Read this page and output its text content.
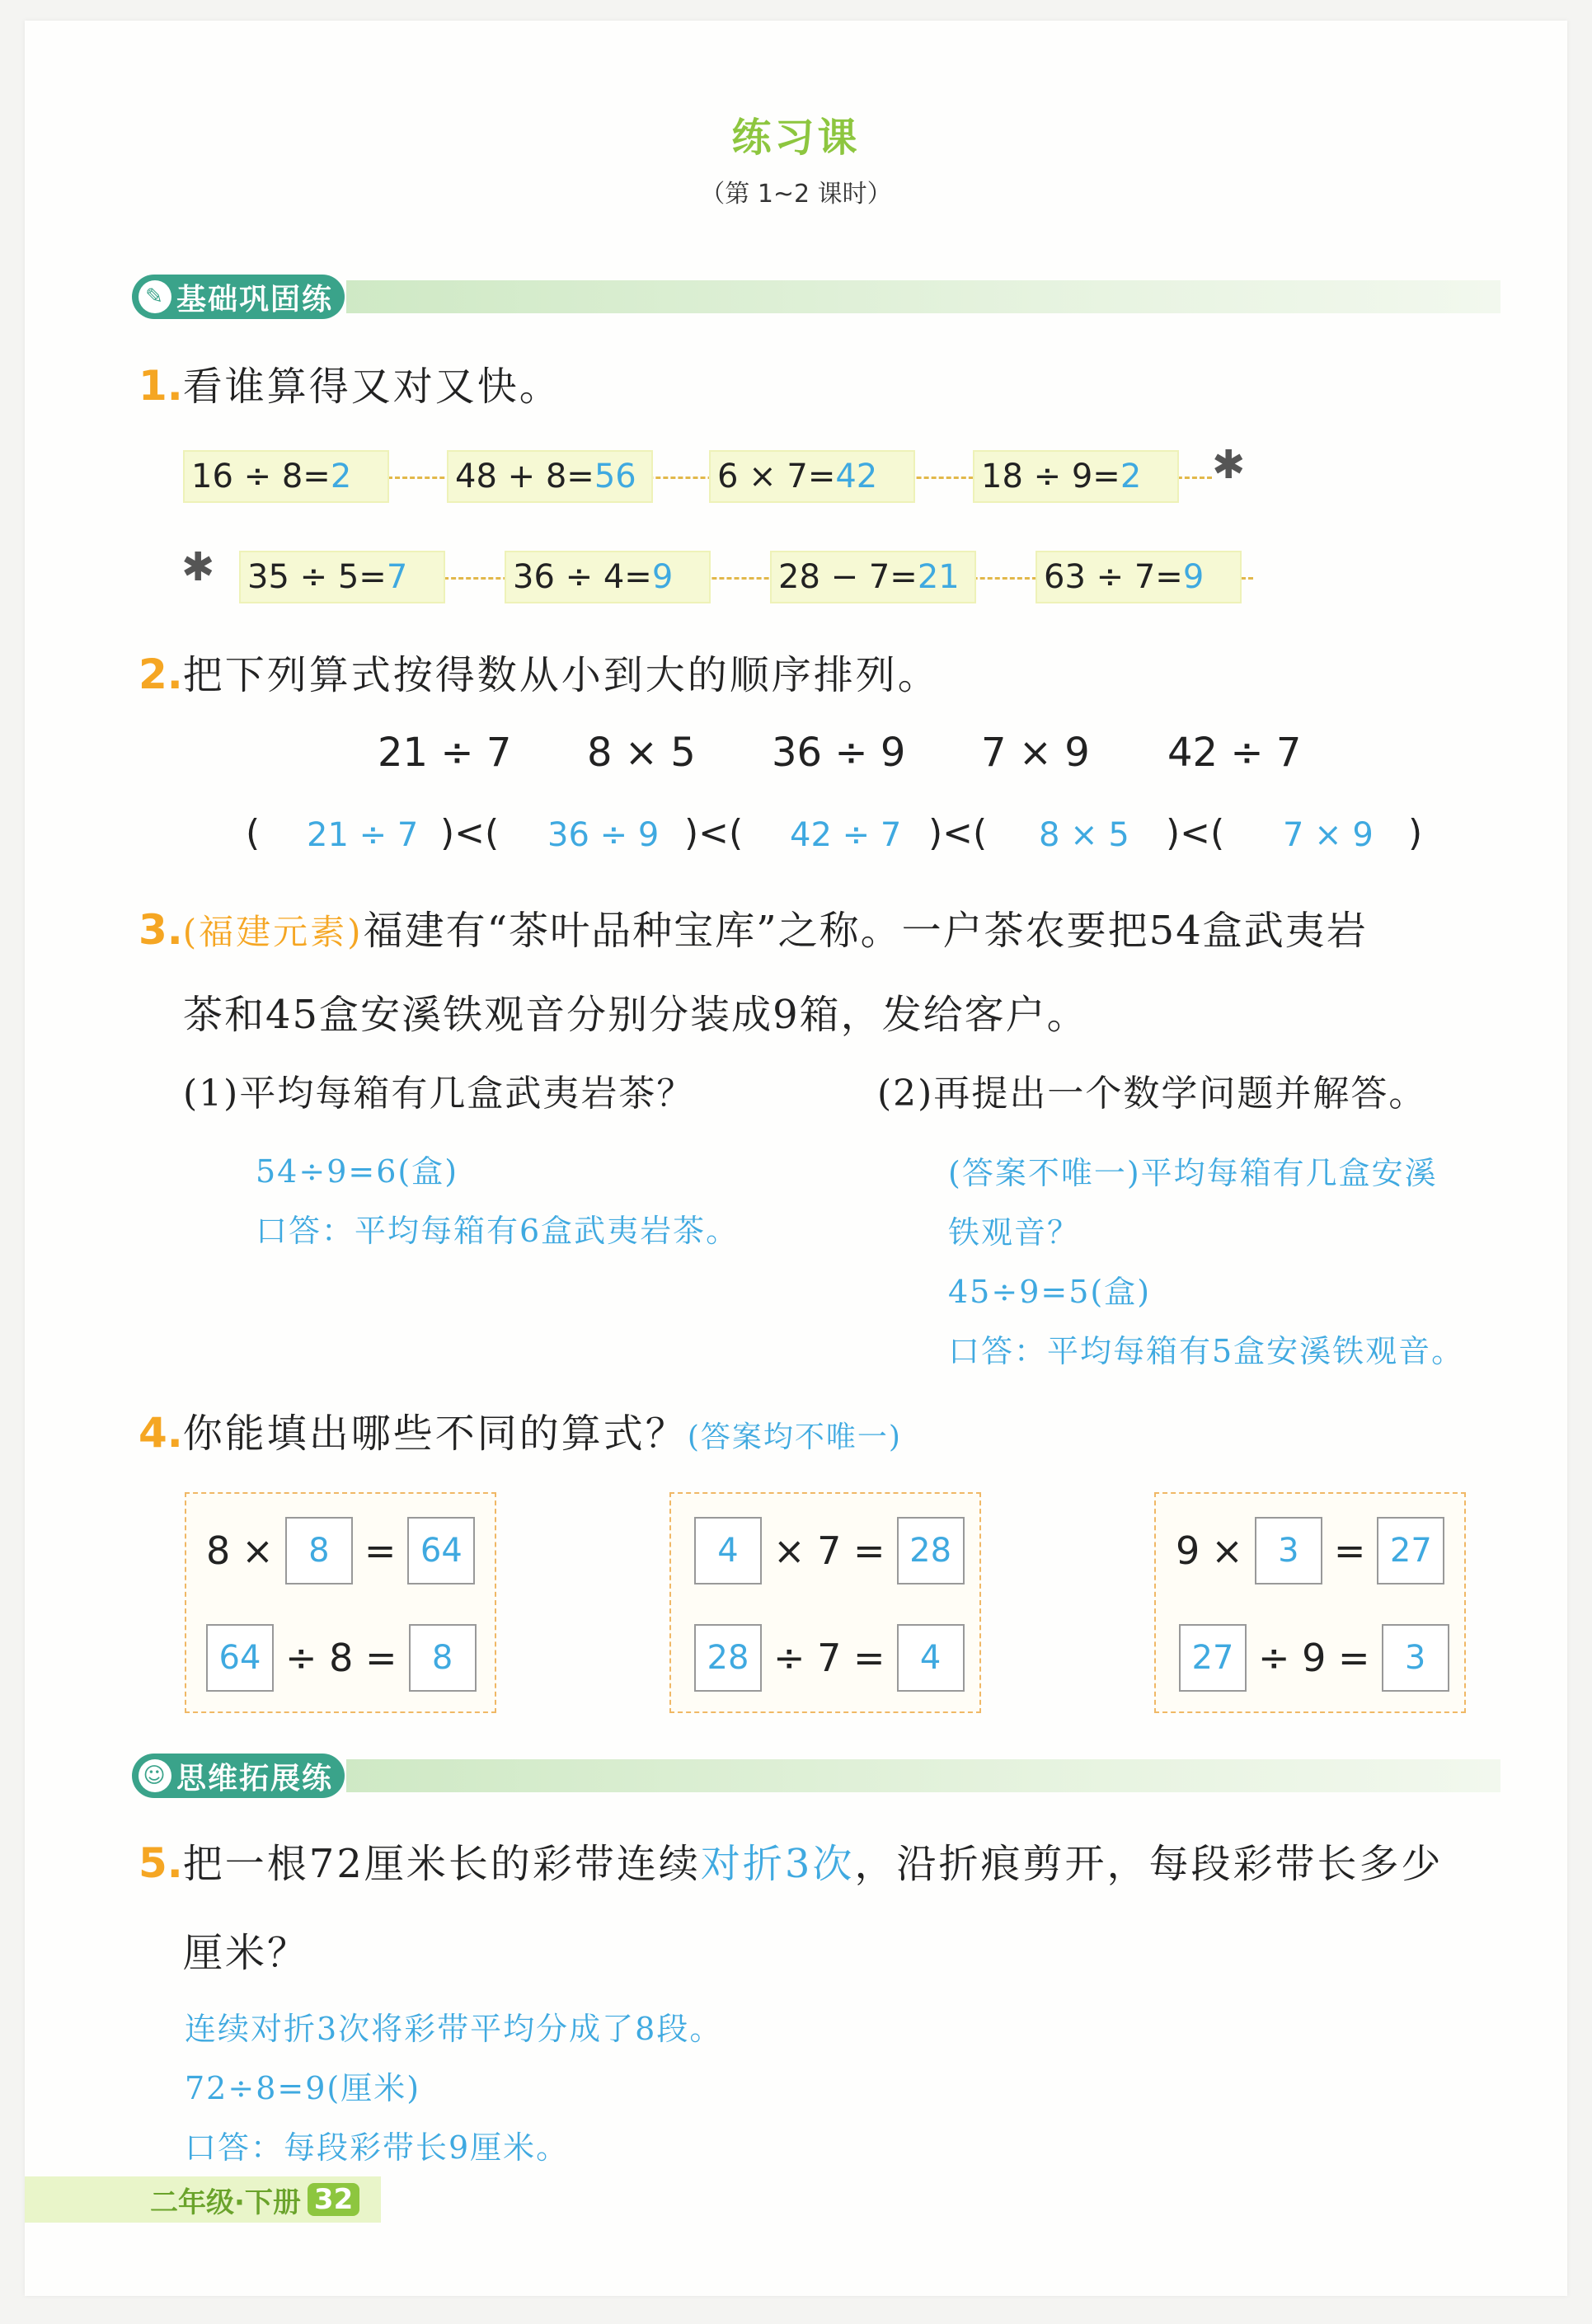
练习课
（第 1~2 课时）
✎ 基础巩固练
1.看谁算得又对又快。
16 ÷ 8= 2	48 + 8= 56 6 × 7= 42	18 ÷ 9= 2 ✱
✱ 35 ÷ 5= 7	36 ÷ 4= 9	28 − 7= 21	63 ÷ 7= 9
2.把下列算式按得数从小到大的顺序排列。
21 ÷ 7 8 × 5 36 ÷ 9 7 × 9 42 ÷ 7
( 21 ÷ 7 )<( 36 ÷ 9 )<( 42 ÷ 7 )<( 8 × 5 )<( 7 × 9 )
3.(福建元素)福建有“茶叶品种宝库”之称。一户茶农要把54盒武夷岩
茶和45盒安溪铁观音分别分装成9箱，发给客户。
(1)平均每箱有几盒武夷岩茶？	(2)再提出一个数学问题并解答。
54÷9=6(盒)
口答：平均每箱有6盒武夷岩茶。
(答案不唯一)平均每箱有几盒安溪
铁观音？
45÷9=5(盒)
口答：平均每箱有5盒安溪铁观音。
4.你能填出哪些不同的算式？(答案均不唯一)
8 ×	8 = 64
64 ÷ 8 =	8
4 × 7 = 28
28 ÷ 7 =	4
9 ×	3 = 27
27 ÷ 9 =	3
☺ 思维拓展练
5.把一根72厘米长的彩带连续对折3次，沿折痕剪开，每段彩带长多少
厘米？
连续对折3次将彩带平均分成了8段。
72÷8=9(厘米)
口答：每段彩带长9厘米。
二年级·下册 32
